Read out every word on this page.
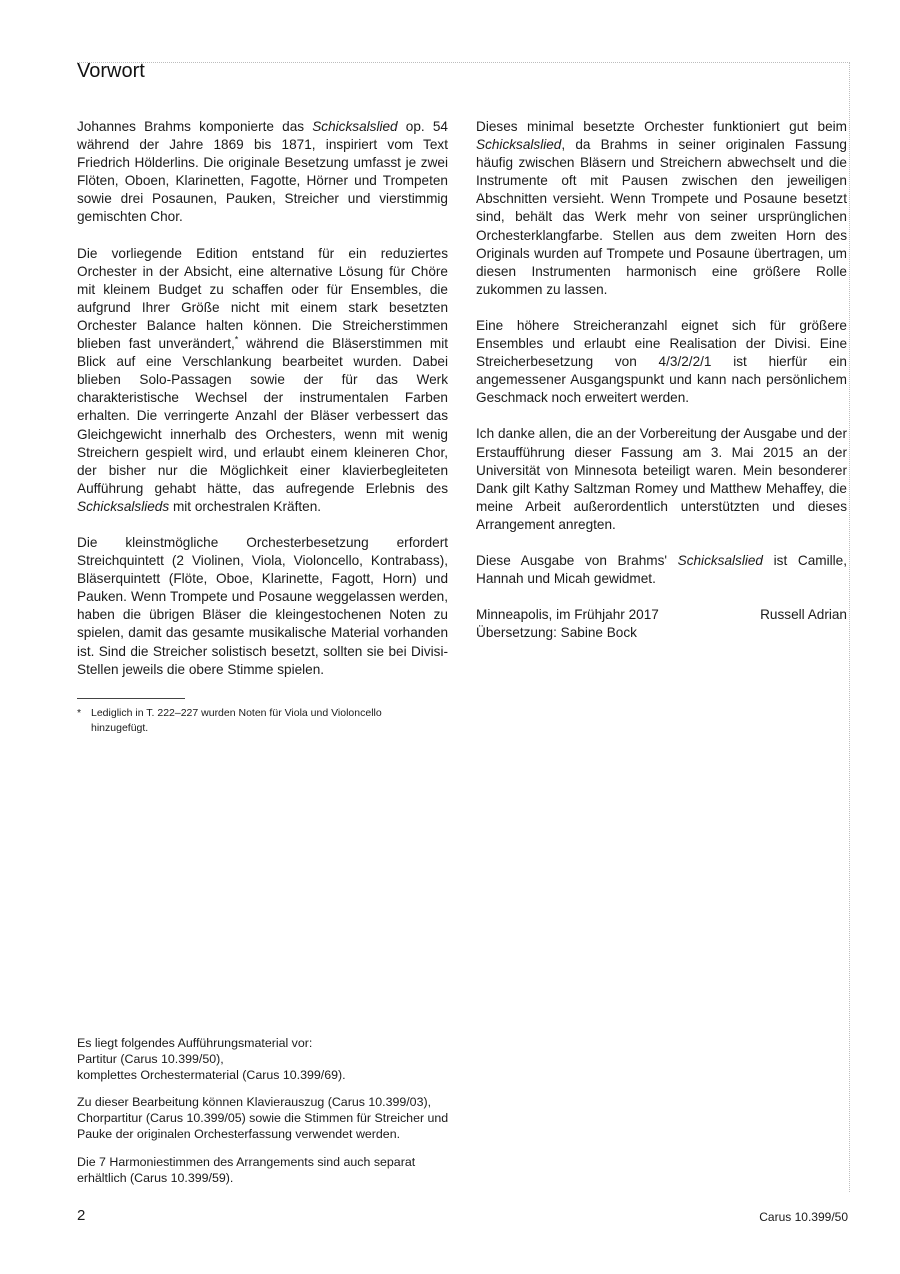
Vorwort

Johannes Brahms komponierte das Schicksalslied op. 54 während der Jahre 1869 bis 1871, inspiriert vom Text Friedrich Hölderlins. Die originale Besetzung umfasst je zwei Flöten, Oboen, Klarinetten, Fagotte, Hörner und Trompeten sowie drei Posaunen, Pauken, Streicher und vierstimmig gemischten Chor.

Die vorliegende Edition entstand für ein reduziertes Orchester in der Absicht, eine alternative Lösung für Chöre mit kleinem Budget zu schaffen oder für Ensembles, die aufgrund Ihrer Größe nicht mit einem stark besetzten Orchester Balance halten können. Die Streicherstimmen blieben fast unverändert,* während die Bläserstimmen mit Blick auf eine Verschlankung bearbeitet wurden. Dabei blieben Solo-Passagen sowie der für das Werk charakteristische Wechsel der instrumentalen Farben erhalten. Die verringerte Anzahl der Bläser verbessert das Gleichgewicht innerhalb des Orchesters, wenn mit wenig Streichern gespielt wird, und erlaubt einem kleineren Chor, der bisher nur die Möglichkeit einer klavierbegleiteten Aufführung gehabt hätte, das aufregende Erlebnis des Schicksalslieds mit orchestralen Kräften.

Die kleinstmögliche Orchesterbesetzung erfordert Streichquintett (2 Violinen, Viola, Violoncello, Kontrabass), Bläserquintett (Flöte, Oboe, Klarinette, Fagott, Horn) und Pauken. Wenn Trompete und Posaune weggelassen werden, haben die übrigen Bläser die kleingestochenen Noten zu spielen, damit das gesamte musikalische Material vorhanden ist. Sind die Streicher solistisch besetzt, sollten sie bei Divisi-Stellen jeweils die obere Stimme spielen.

* Lediglich in T. 222–227 wurden Noten für Viola und Violoncello hinzugefügt.

Dieses minimal besetzte Orchester funktioniert gut beim Schicksalslied, da Brahms in seiner originalen Fassung häufig zwischen Bläsern und Streichern abwechselt und die Instrumente oft mit Pausen zwischen den jeweiligen Abschnitten versieht. Wenn Trompete und Posaune besetzt sind, behält das Werk mehr von seiner ursprünglichen Orchesterklangfarbe. Stellen aus dem zweiten Horn des Originals wurden auf Trompete und Posaune übertragen, um diesen Instrumenten harmonisch eine größere Rolle zukommen zu lassen.

Eine höhere Streicheranzahl eignet sich für größere Ensembles und erlaubt eine Realisation der Divisi. Eine Streicherbesetzung von 4/3/2/2/1 ist hierfür ein angemessener Ausgangspunkt und kann nach persönlichem Geschmack noch erweitert werden.

Ich danke allen, die an der Vorbereitung der Ausgabe und der Erstaufführung dieser Fassung am 3. Mai 2015 an der Universität von Minnesota beteiligt waren. Mein besonderer Dank gilt Kathy Saltzman Romey und Matthew Mehaffey, die meine Arbeit außerordentlich unterstützten und dieses Arrangement anregten.

Diese Ausgabe von Brahms' Schicksalslied ist Camille, Hannah und Micah gewidmet.

Minneapolis, im Frühjahr 2017	Russell Adrian
Übersetzung: Sabine Bock

Es liegt folgendes Aufführungsmaterial vor:
Partitur (Carus 10.399/50),
komplettes Orchestermaterial (Carus 10.399/69).

Zu dieser Bearbeitung können Klavierauszug (Carus 10.399/03), Chorpartitur (Carus 10.399/05) sowie die Stimmen für Streicher und Pauke der originalen Orchesterfassung verwendet werden.

Die 7 Harmoniestimmen des Arrangements sind auch separat erhältlich (Carus 10.399/59).

2	Carus 10.399/50
